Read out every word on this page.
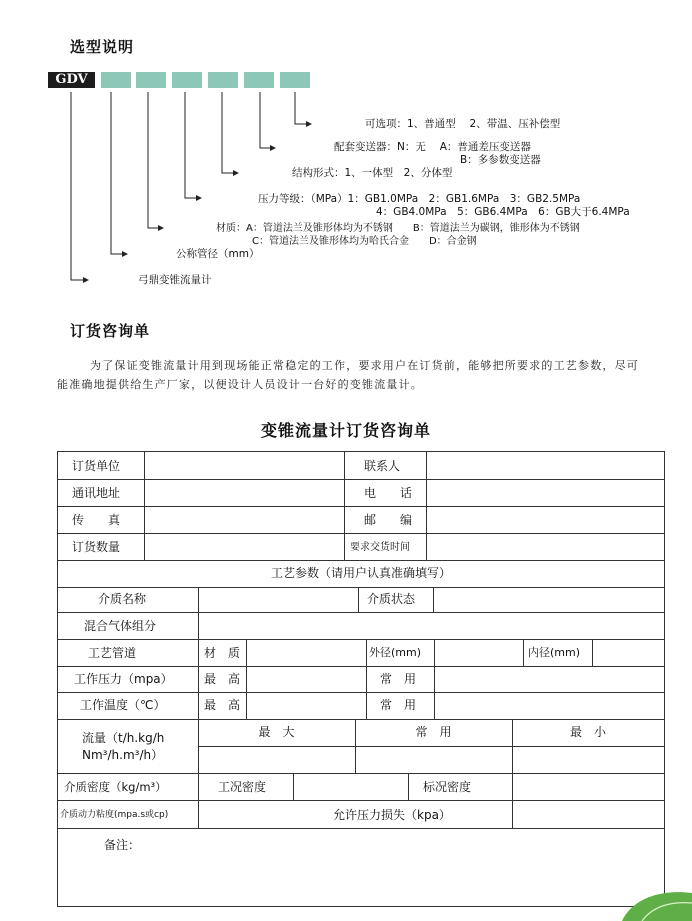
选型说明
GDV
可选项：1、普通型　 2、带温、压补偿型
配套变送器：N：无　 A：普通差压变送器
B：多参数变送器
结构形式：1、一体型　2、分体型
压力等级：（MPa）1：GB1.0MPa　2：GB1.6MPa　3：GB2.5MPa
4：GB4.0MPa　5：GB6.4MPa　6：GB大于6.4MPa
材质：A：管道法兰及锥形体均为不锈钢　　B：管道法兰为碳钢，锥形体为不锈钢
C：管道法兰及锥形体均为哈氏合金　　D：合金钢
公称管径（mm）
弓鼎变锥流量计
订货咨询单
为了保证变锥流量计用到现场能正常稳定的工作，要求用户在订货前，能够把所要求的工艺参数，尽可
能准确地提供给生产厂家，以便设计人员设计一台好的变锥流量计。
变锥流量计订货咨询单
订货单位	联系人
通讯地址	电　　话
传　　真	邮　　编
订货数量	要求交货时间
工艺参数（请用户认真准确填写）
介质名称	介质状态
混合气体组分
工艺管道	材　质	外径(mm)	内径(mm)
工作压力（mpa）	最　高	常　用
工作温度（℃）	最　高	常　用
流量（t/h.kg/h
Nm³/h.m³/h）
最　大	常　用	最　小
介质密度（kg/m³）	工况密度	标况密度
介质动力粘度(mpa.s或cp)	允许压力损失（kpa）
备注：
